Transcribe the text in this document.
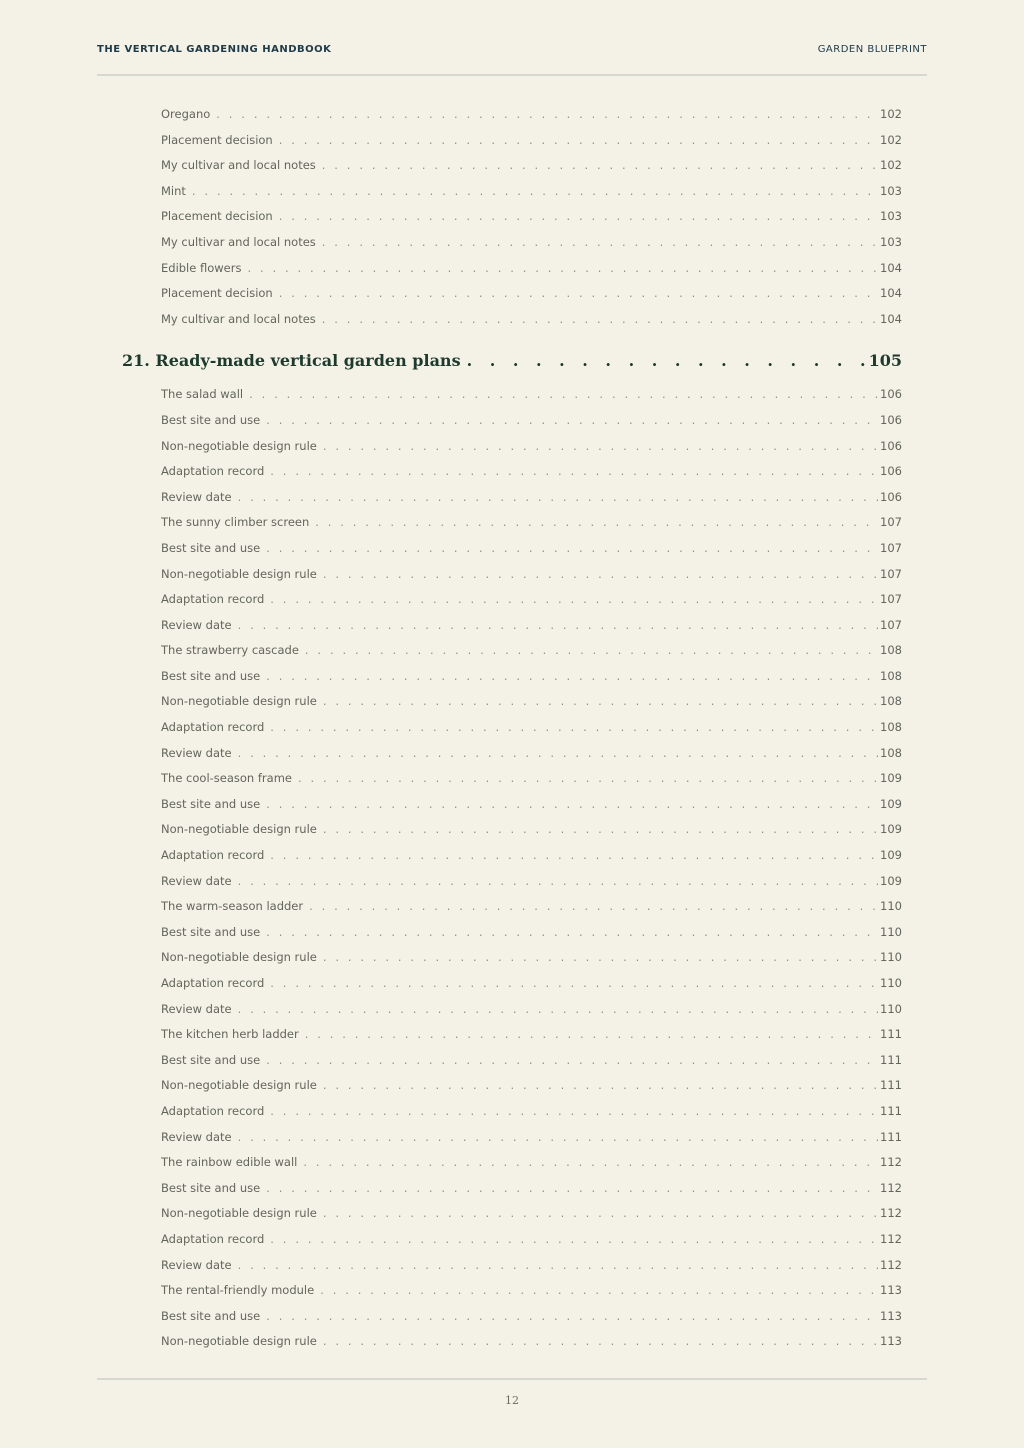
THE VERTICAL GARDENING HANDBOOK	GARDEN BLUEPRINT
Oregano . . .	102
Placement decision . . .	102
My cultivar and local notes . . .	102
Mint . . .	103
Placement decision . . .	103
My cultivar and local notes . . .	103
Edible flowers . . .	104
Placement decision . . .	104
My cultivar and local notes . . .	104
21. Ready-made vertical garden plans . . .	105
The salad wall . . .	106
Best site and use . . .	106
Non-negotiable design rule . . .	106
Adaptation record . . .	106
Review date . . .	106
The sunny climber screen . . .	107
Best site and use . . .	107
Non-negotiable design rule . . .	107
Adaptation record . . .	107
Review date . . .	107
The strawberry cascade . . .	108
Best site and use . . .	108
Non-negotiable design rule . . .	108
Adaptation record . . .	108
Review date . . .	108
The cool-season frame . . .	109
Best site and use . . .	109
Non-negotiable design rule . . .	109
Adaptation record . . .	109
Review date . . .	109
The warm-season ladder . . .	110
Best site and use . . .	110
Non-negotiable design rule . . .	110
Adaptation record . . .	110
Review date . . .	110
The kitchen herb ladder . . .	111
Best site and use . . .	111
Non-negotiable design rule . . .	111
Adaptation record . . .	111
Review date . . .	111
The rainbow edible wall . . .	112
Best site and use . . .	112
Non-negotiable design rule . . .	112
Adaptation record . . .	112
Review date . . .	112
The rental-friendly module . . .	113
Best site and use . . .	113
Non-negotiable design rule . . .	113
12
